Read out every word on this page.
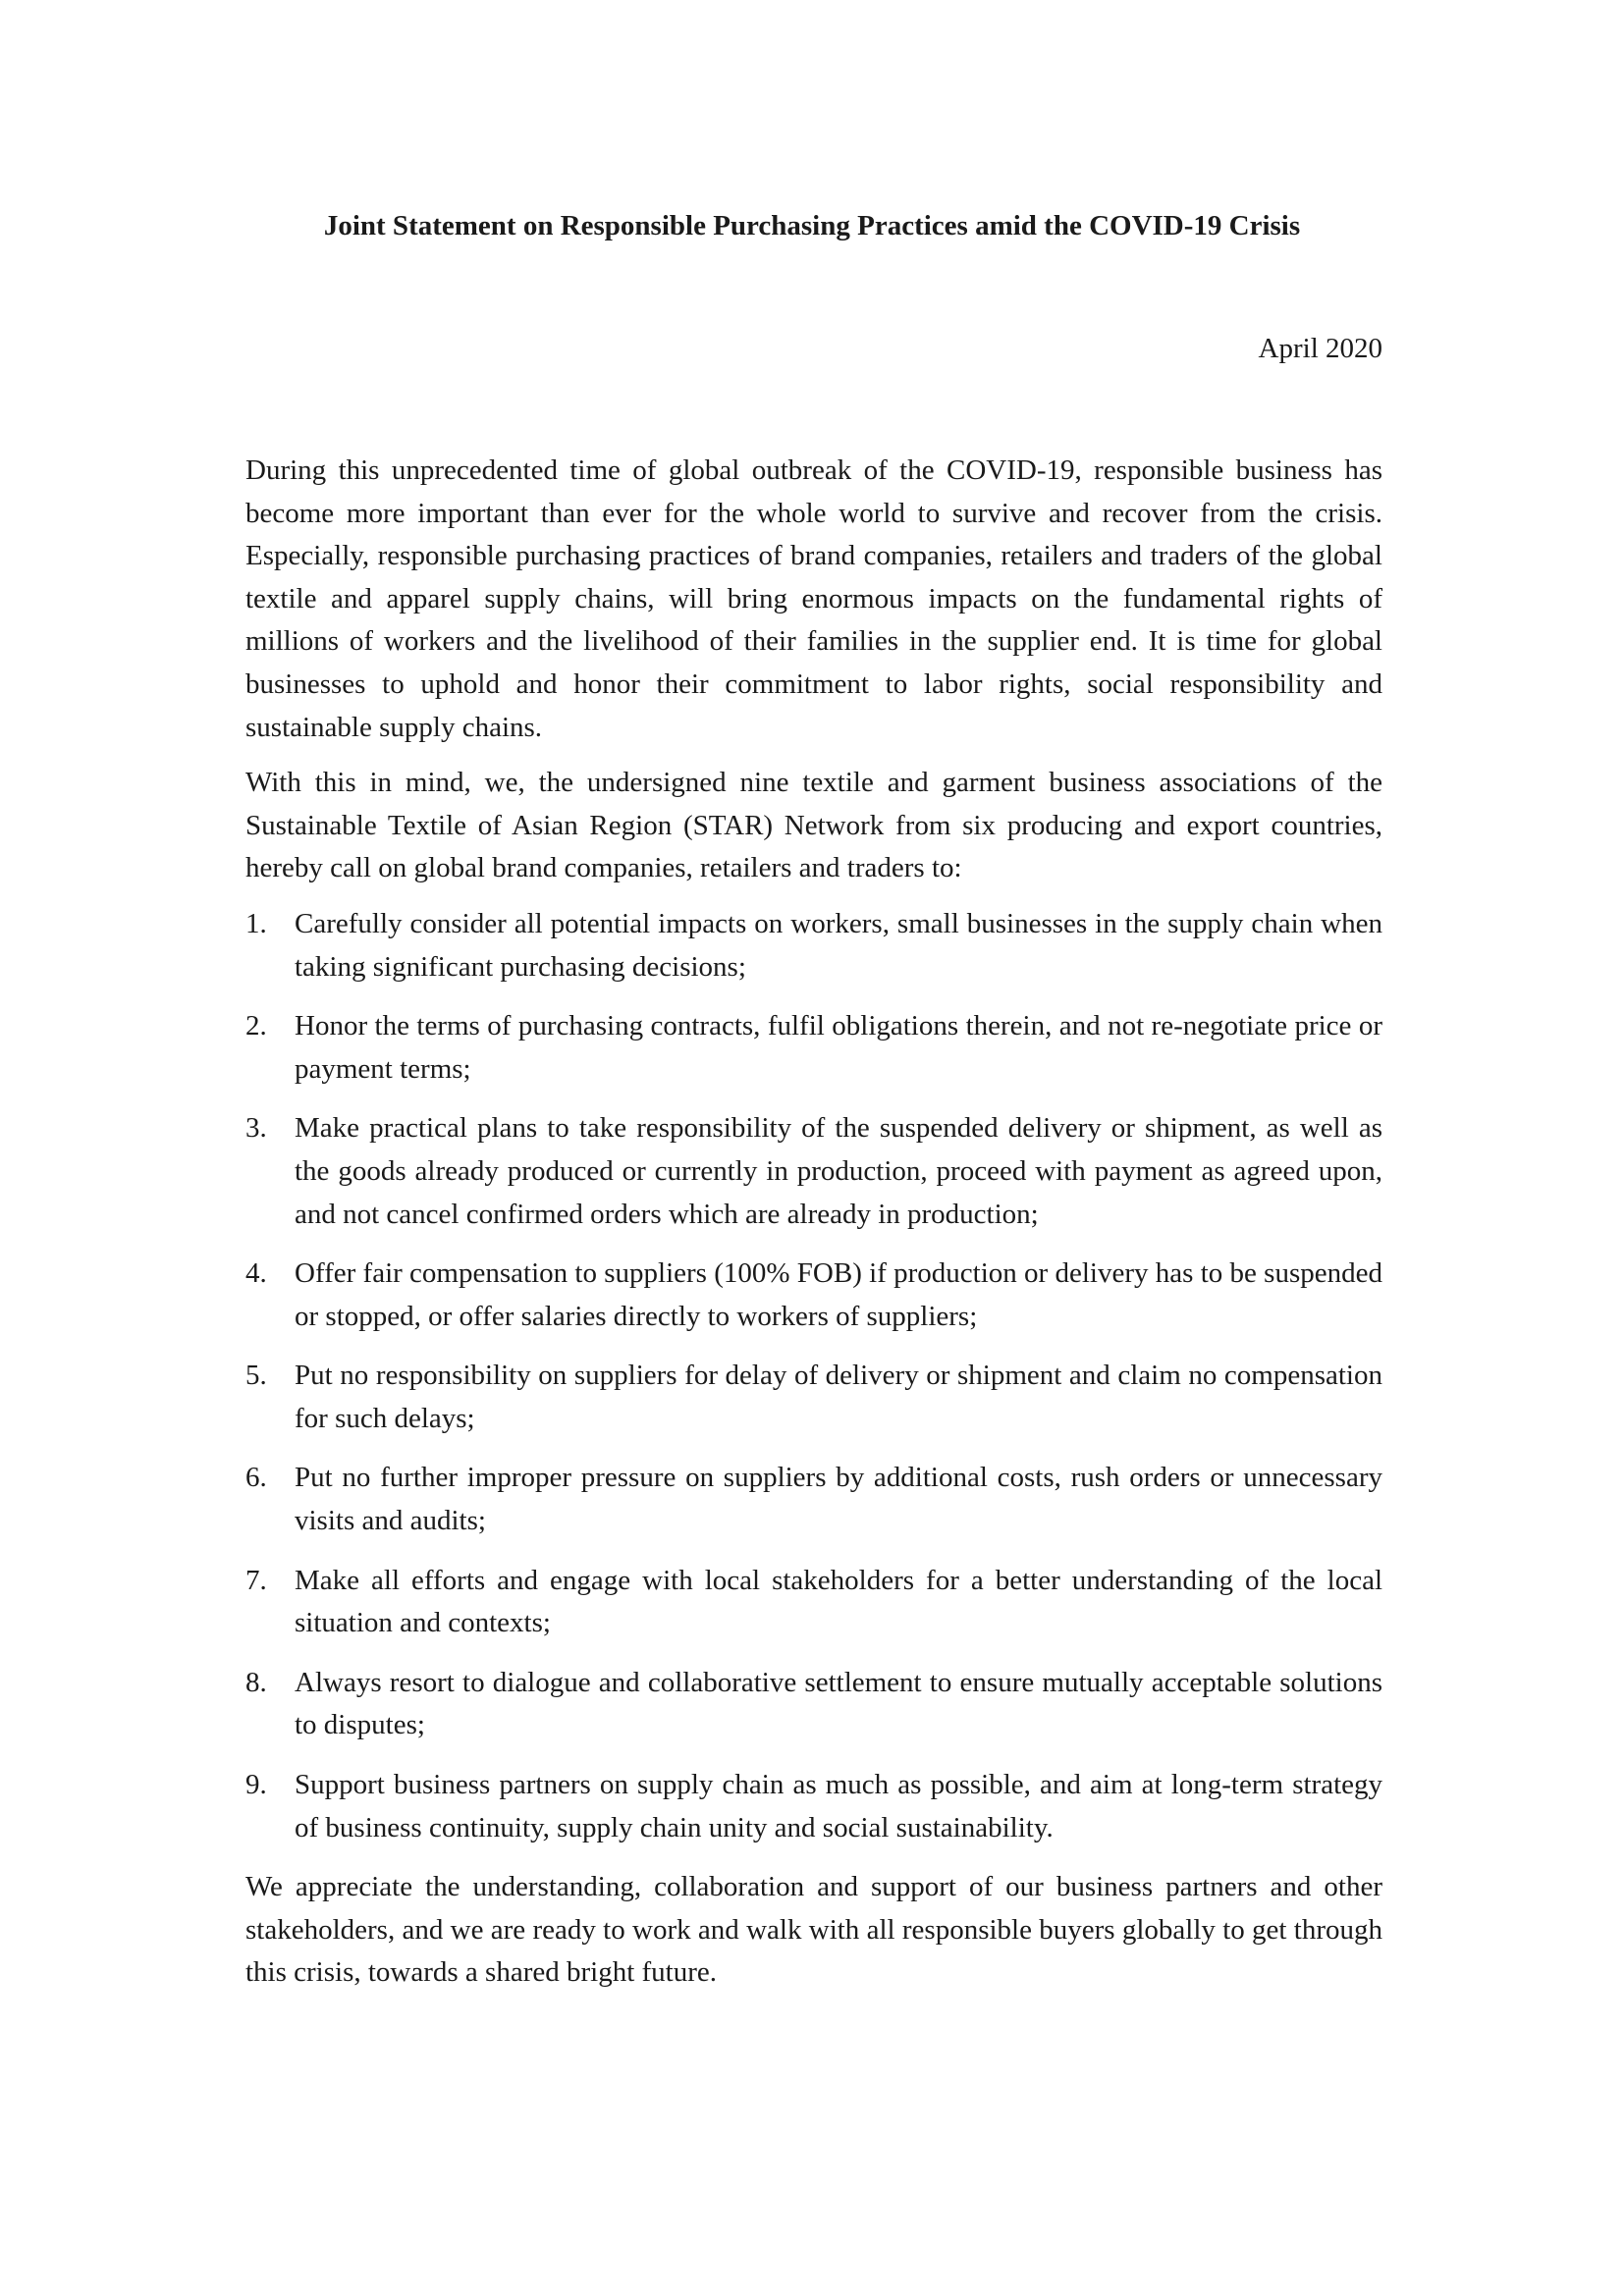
Joint Statement on Responsible Purchasing Practices amid the COVID-19 Crisis

April 2020

During this unprecedented time of global outbreak of the COVID-19, responsible business has become more important than ever for the whole world to survive and recover from the crisis. Especially, responsible purchasing practices of brand companies, retailers and traders of the global textile and apparel supply chains, will bring enormous impacts on the fundamental rights of millions of workers and the livelihood of their families in the supplier end. It is time for global businesses to uphold and honor their commitment to labor rights, social responsibility and sustainable supply chains.

With this in mind, we, the undersigned nine textile and garment business associations of the Sustainable Textile of Asian Region (STAR) Network from six producing and export countries, hereby call on global brand companies, retailers and traders to:

1. Carefully consider all potential impacts on workers, small businesses in the supply chain when taking significant purchasing decisions;
2. Honor the terms of purchasing contracts, fulfil obligations therein, and not re-negotiate price or payment terms;
3. Make practical plans to take responsibility of the suspended delivery or shipment, as well as the goods already produced or currently in production, proceed with payment as agreed upon, and not cancel confirmed orders which are already in production;
4. Offer fair compensation to suppliers (100% FOB) if production or delivery has to be suspended or stopped, or offer salaries directly to workers of suppliers;
5. Put no responsibility on suppliers for delay of delivery or shipment and claim no compensation for such delays;
6. Put no further improper pressure on suppliers by additional costs, rush orders or unnecessary visits and audits;
7. Make all efforts and engage with local stakeholders for a better understanding of the local situation and contexts;
8. Always resort to dialogue and collaborative settlement to ensure mutually acceptable solutions to disputes;
9. Support business partners on supply chain as much as possible, and aim at long-term strategy of business continuity, supply chain unity and social sustainability.

We appreciate the understanding, collaboration and support of our business partners and other stakeholders, and we are ready to work and walk with all responsible buyers globally to get through this crisis, towards a shared bright future.
